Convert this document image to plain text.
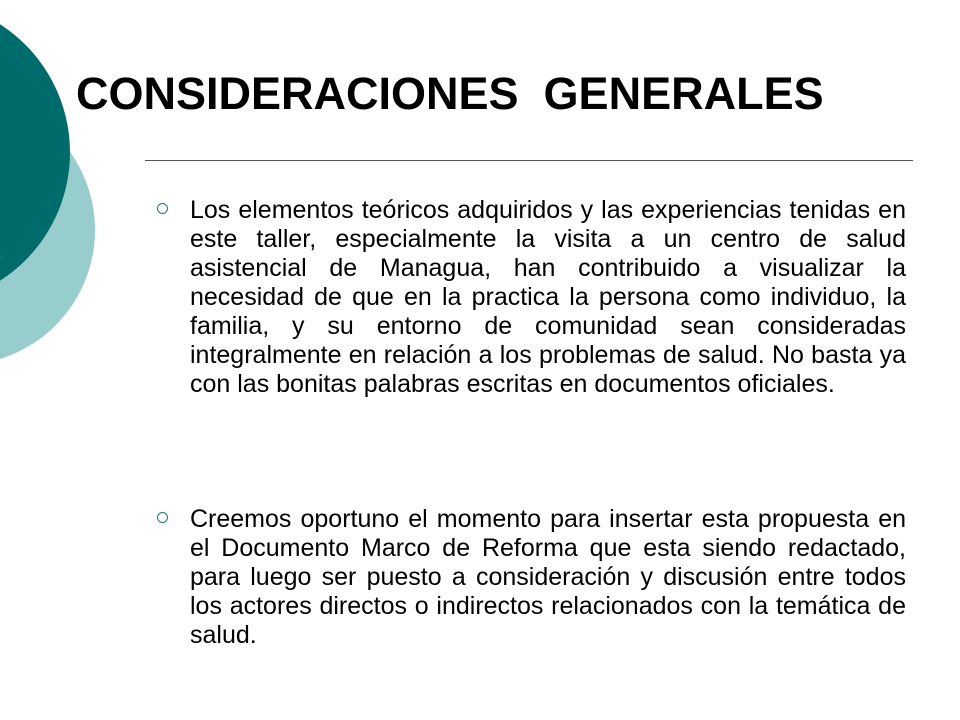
CONSIDERACIONES  GENERALES

Los elementos teóricos adquiridos y las experiencias tenidas en este taller, especialmente la visita a un centro de salud asistencial de Managua, han contribuido a visualizar la necesidad de que en la practica la persona como individuo, la familia, y su entorno de comunidad sean consideradas integralmente en relación a los problemas de salud. No basta ya con las bonitas palabras escritas en documentos oficiales.

Creemos oportuno el momento para insertar esta propuesta en el Documento Marco de Reforma que esta siendo redactado, para luego ser puesto a consideración y discusión entre todos los actores directos o indirectos relacionados con la temática de salud.
